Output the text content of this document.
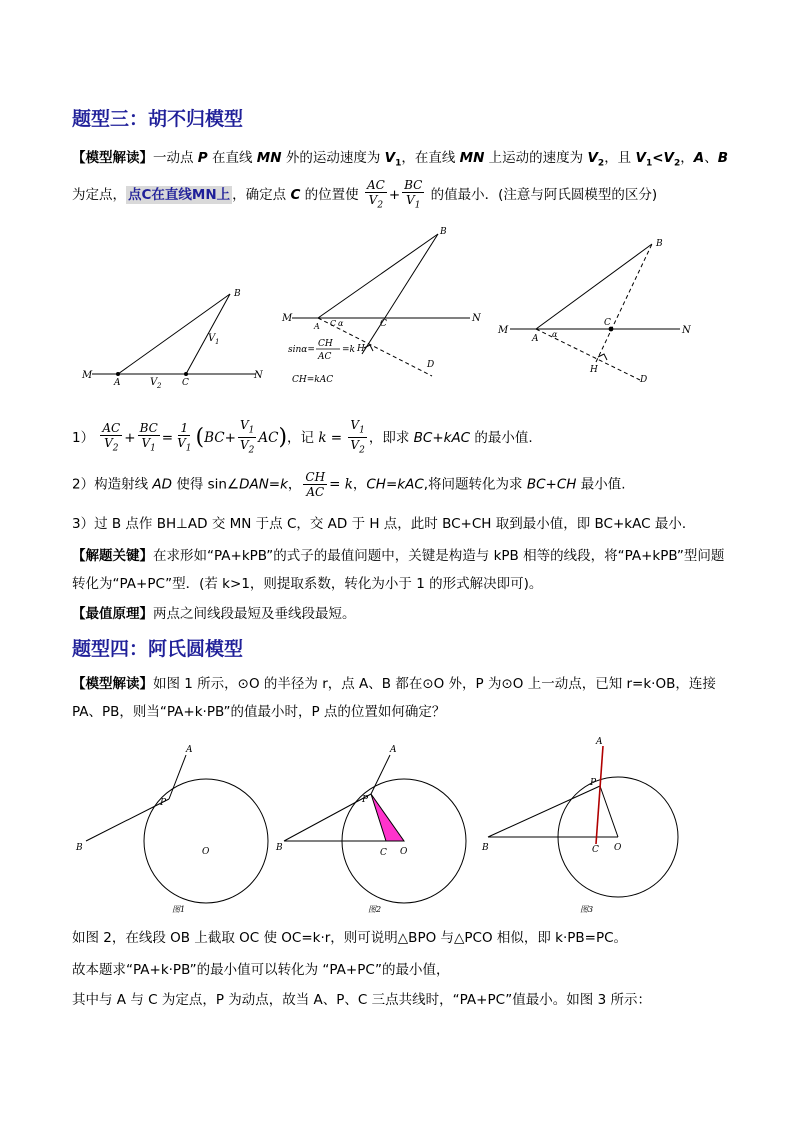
题型三：胡不归模型
【模型解读】一动点 P 在直线 MN 外的运动速度为 $V_1$，在直线 MN 上运动的速度为 $V_2$，且 $V_1<V_2$，A、B
为定点， 点C在直线MN上 ，确定点 C 的位置使 $\frac{AC}{V_2} + \frac{BC}{V_1}$ 的值最小．(注意与阿氏圆模型的区分)
M
A	C
B
N
V 1
V 2
M
A C α	C
B
N
H
D
sinα=
CH
AC
=k
CH=kAC
M
A α
C
B
N
H
D
$1) \frac{AC}{V_2} + \frac{BC}{V_1} = \frac{1}{V_1} (BC+ \frac{V_1}{V_2} AC)$，记 $k = \frac{V_1}{V_2}$ ，即求 BC+kAC 的最小值.
2）构造射线 AD 使得 sin∠DAN=k， $\frac{CH}{AC} = k$，CH=kAC,将问题转化为求 BC+CH 最小值.
3）过 B 点作 BH⊥AD 交 MN 于点 C，交 AD 于 H 点，此时 BC+CH 取到最小值，即 BC+kAC 最小．
【解题关键】在求形如“PA+kPB”的式子的最值问题中，关键是构造与 kPB 相等的线段，将“PA+kPB”型问题转化为“PA+PC”型．(若 k>1，则提取系数，转化为小于 1 的形式解决即可)。
【最值原理】两点之间线段最短及垂线段最短。
题型四：阿氏圆模型
【模型解读】如图 1 所示，⊙O 的半径为 r，点 A、B 都在⊙O 外，P 为⊙O 上一动点，已知 r=k·OB，连接 PA、PB，则当“PA+k·PB”的值最小时，P 点的位置如何确定？
A
P
B	O
图1
A
P
B	C O
图2
A
P
B	C O
图3
如图 2，在线段 OB 上截取 OC 使 OC=k·r，则可说明△BPO 与△PCO 相似，即 k·PB=PC。
故本题求“PA+k·PB”的最小值可以转化为 “PA+PC”的最小值，
其中与 A 与 C 为定点，P 为动点，故当 A、P、C 三点共线时，“PA+PC”值最小。如图 3 所示：
